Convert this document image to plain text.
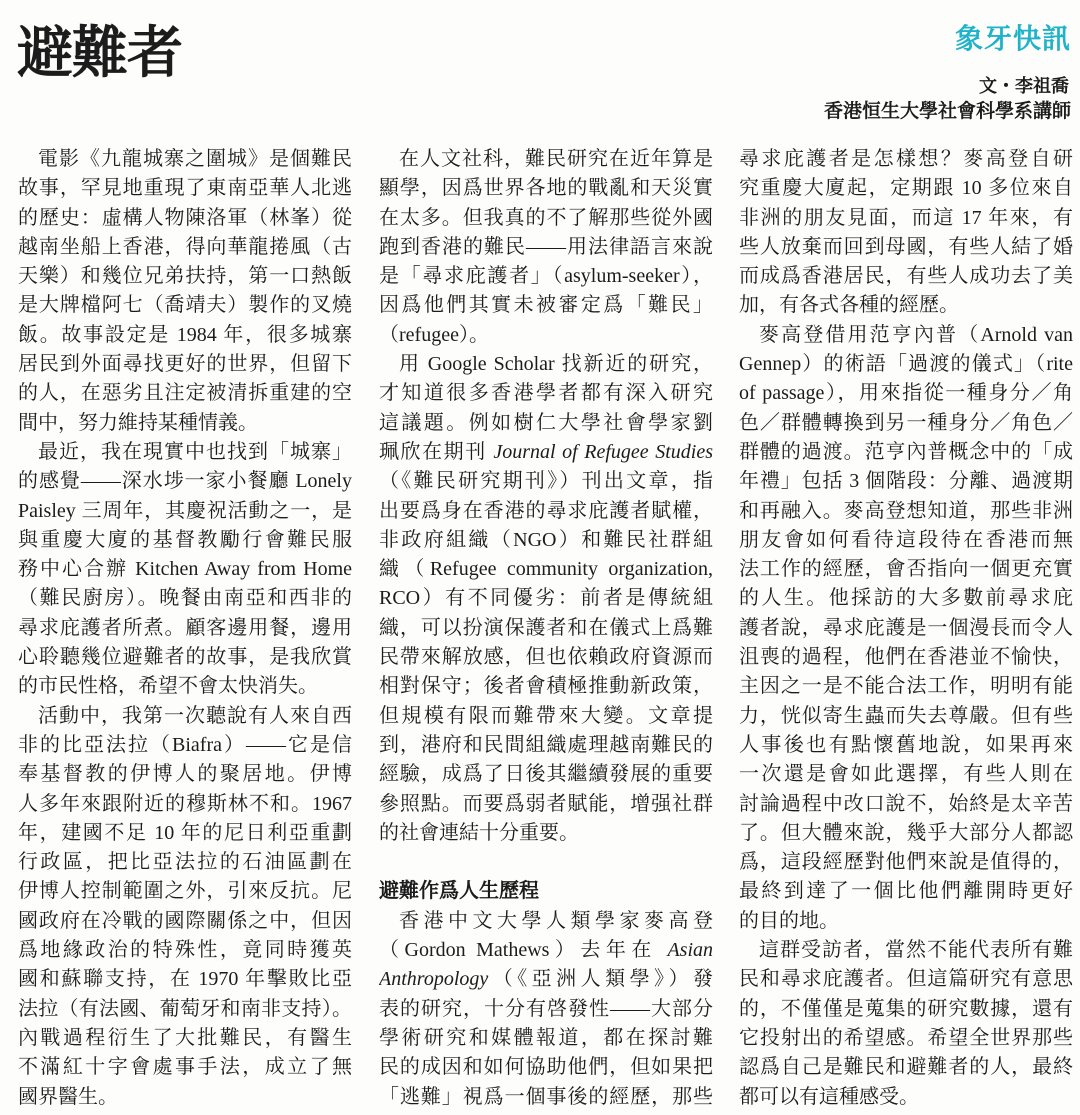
避難者	象牙快訊
文・李祖喬
香港恒生大學社會科學系講師
電影《九龍城寨之圍城》是個難民
故事，罕見地重現了東南亞華人北逃
的歷史：虛構人物陳洛軍（林峯）從
越南坐船上香港，得向華龍捲風（古
天樂）和幾位兄弟扶持，第一口熱飯
是大牌檔阿七（喬靖夫）製作的叉燒
飯。故事設定是 1984 年，很多城寨
居民到外面尋找更好的世界，但留下
的人，在惡劣且注定被清拆重建的空
間中，努力維持某種情義。
最近，我在現實中也找到「城寨」
的感覺——深水埗一家小餐廳 Lonely
Paisley 三周年，其慶祝活動之一，是
與重慶大廈的基督教勵行會難民服
務中心合辦 Kitchen Away from Home
（難民廚房）。晚餐由南亞和西非的
尋求庇護者所煮。顧客邊用餐，邊用
心聆聽幾位避難者的故事，是我欣賞
的市民性格，希望不會太快消失。
活動中，我第一次聽說有人來自西
非的比亞法拉（Biafra）——它是信
奉基督教的伊博人的聚居地。伊博
人多年來跟附近的穆斯林不和。1967
年，建國不足 10 年的尼日利亞重劃
行政區，把比亞法拉的石油區劃在
伊博人控制範圍之外，引來反抗。尼
國政府在冷戰的國際關係之中，但因
爲地緣政治的特殊性，竟同時獲英
國和蘇聯支持，在 1970 年擊敗比亞
法拉（有法國、葡萄牙和南非支持）。
內戰過程衍生了大批難民，有醫生
不滿紅十字會處事手法，成立了無
國界醫生。
在人文社科，難民研究在近年算是
顯學，因爲世界各地的戰亂和天災實
在太多。但我真的不了解那些從外國
跑到香港的難民——用法律語言來說
是「尋求庇護者」（asylum-seeker），
因爲他們其實未被審定爲「難民」
（refugee）。
用 Google Scholar 找新近的研究，
才知道很多香港學者都有深入研究
這議題。例如樹仁大學社會學家劉
珮欣在期刊 Journal of Refugee Studies
（《難民研究期刊》）刊出文章，指
出要爲身在香港的尋求庇護者賦權，
非政府組織（NGO）和難民社群組
織（Refugee community organization,
RCO）有不同優劣：前者是傳統組
織，可以扮演保護者和在儀式上爲難
民帶來解放感，但也依賴政府資源而
相對保守；後者會積極推動新政策，
但規模有限而難帶來大變。文章提
到，港府和民間組織處理越南難民的
經驗，成爲了日後其繼續發展的重要
參照點。而要爲弱者賦能，增强社群
的社會連結十分重要。
避難作爲人生歷程
香港中文大學人類學家麥高登
（Gordon Mathews）去年在 Asian
Anthropology（《亞洲人類學》）發
表的研究，十分有啓發性——大部分
學術研究和媒體報道，都在探討難
民的成因和如何協助他們，但如果把
「逃難」視爲一個事後的經歷，那些
尋求庇護者是怎樣想？麥高登自研
究重慶大廈起，定期跟 10 多位來自
非洲的朋友見面，而這 17 年來，有
些人放棄而回到母國，有些人結了婚
而成爲香港居民，有些人成功去了美
加，有各式各種的經歷。
麥高登借用范亨內普（Arnold van
Gennep）的術語「過渡的儀式」（rite
of passage），用來指從一種身分／角
色／群體轉換到另一種身分／角色／
群體的過渡。范亨內普概念中的「成
年禮」包括 3 個階段：分離、過渡期
和再融入。麥高登想知道，那些非洲
朋友會如何看待這段待在香港而無
法工作的經歷，會否指向一個更充實
的人生。他採訪的大多數前尋求庇
護者說，尋求庇護是一個漫長而令人
沮喪的過程，他們在香港並不愉快，
主因之一是不能合法工作，明明有能
力，恍似寄生蟲而失去尊嚴。但有些
人事後也有點懷舊地說，如果再來
一次還是會如此選擇，有些人則在
討論過程中改口說不，始終是太辛苦
了。但大體來說，幾乎大部分人都認
爲，這段經歷對他們來說是值得的，
最終到達了一個比他們離開時更好
的目的地。
這群受訪者，當然不能代表所有難
民和尋求庇護者。但這篇研究有意思
的，不僅僅是蒐集的研究數據，還有
它投射出的希望感。希望全世界那些
認爲自己是難民和避難者的人，最終
都可以有這種感受。
